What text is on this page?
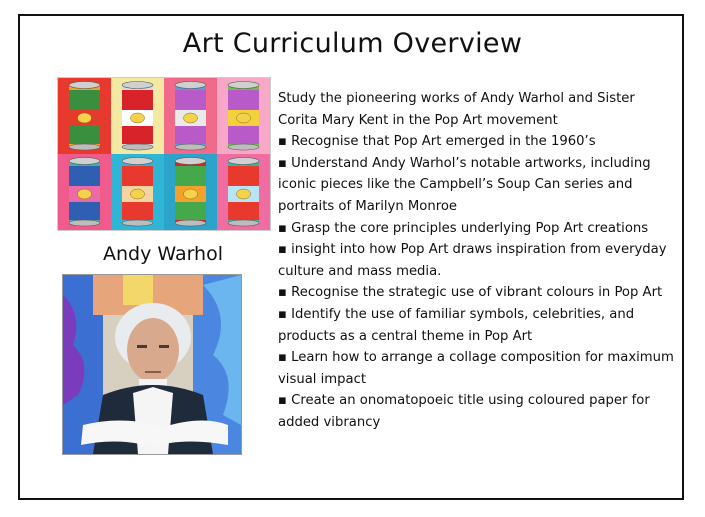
Art Curriculum Overview
Andy Warhol

Study the pioneering works of Andy Warhol and Sister Corita Mary Kent in the Pop Art movement

▪ Recognise that Pop Art emerged in the 1960’s

▪ Understand Andy Warhol’s notable artworks, including iconic pieces like the Campbell’s Soup Can series and portraits of Marilyn Monroe

▪ Grasp the core principles underlying Pop Art creations

▪ insight into how Pop Art draws inspiration from everyday culture and mass media.

▪ Recognise the strategic use of vibrant colours in Pop Art

▪ Identify the use of familiar symbols, celebrities, and products as a central theme in Pop Art

▪ Learn how to arrange a collage composition for maximum visual impact

▪ Create an onomatopoeic title using coloured paper for added vibrancy
